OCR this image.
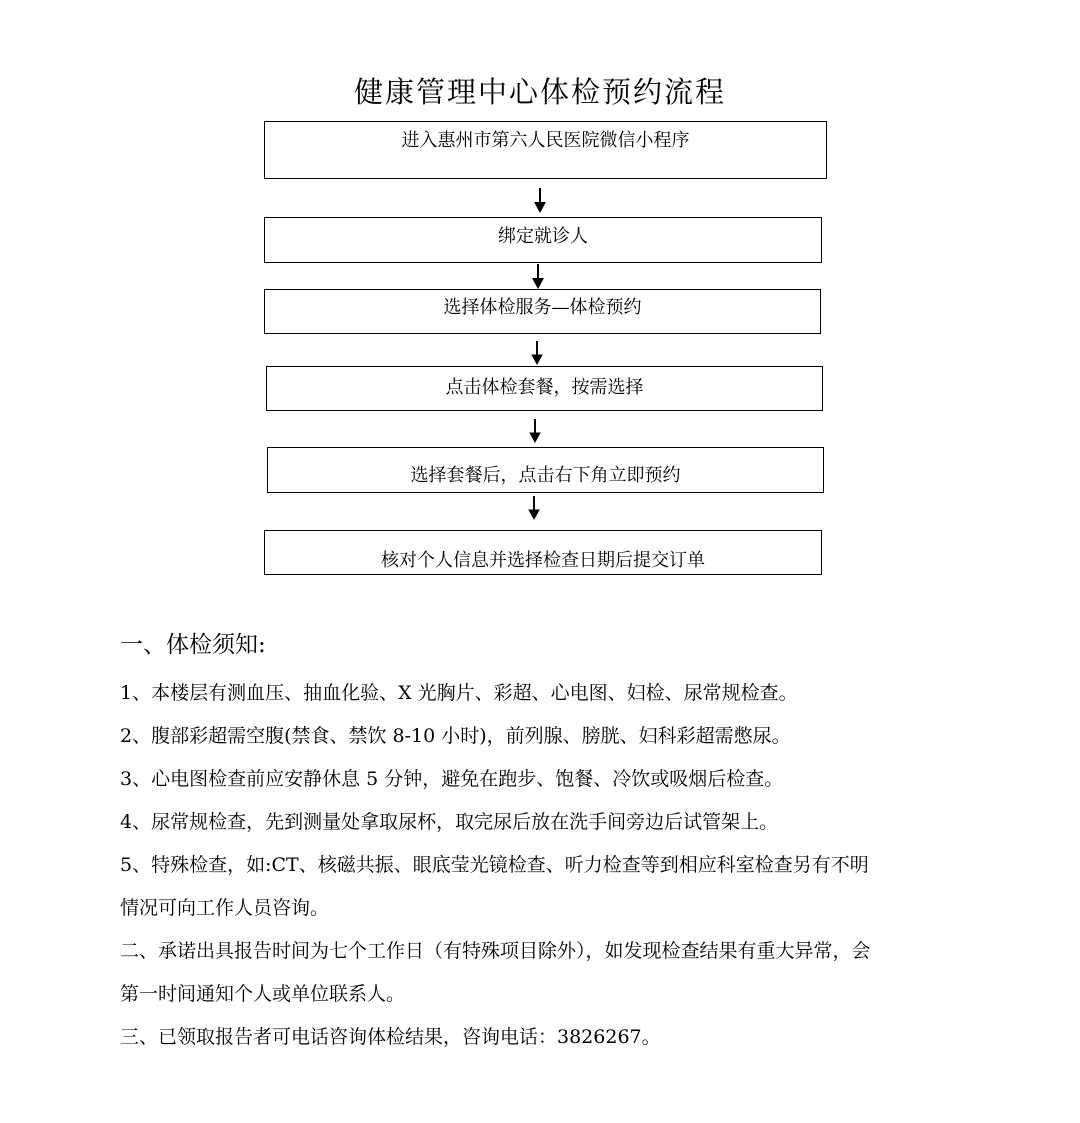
健康管理中心体检预约流程
进入惠州市第六人民医院微信小程序
绑定就诊人
选择体检服务—体检预约
点击体检套餐，按需选择
选择套餐后，点击右下角立即预约
核对个人信息并选择检查日期后提交订单
一、体检须知:
1、本楼层有测血压、抽血化验、X 光胸片、彩超、心电图、妇检、尿常规检查。
2、腹部彩超需空腹(禁食、禁饮 8-10 小时)，前列腺、膀胱、妇科彩超需憋尿。
3、心电图检查前应安静休息 5 分钟，避免在跑步、饱餐、冷饮或吸烟后检查。
4、尿常规检查，先到测量处拿取尿杯，取完尿后放在洗手间旁边后试管架上。
5、特殊检查，如:CT、核磁共振、眼底莹光镜检查、听力检查等到相应科室检查另有不明
情况可向工作人员咨询。
二、承诺出具报告时间为七个工作日（有特殊项目除外），如发现检查结果有重大异常，会
第一时间通知个人或单位联系人。
三、已领取报告者可电话咨询体检结果，咨询电话：3826267。
